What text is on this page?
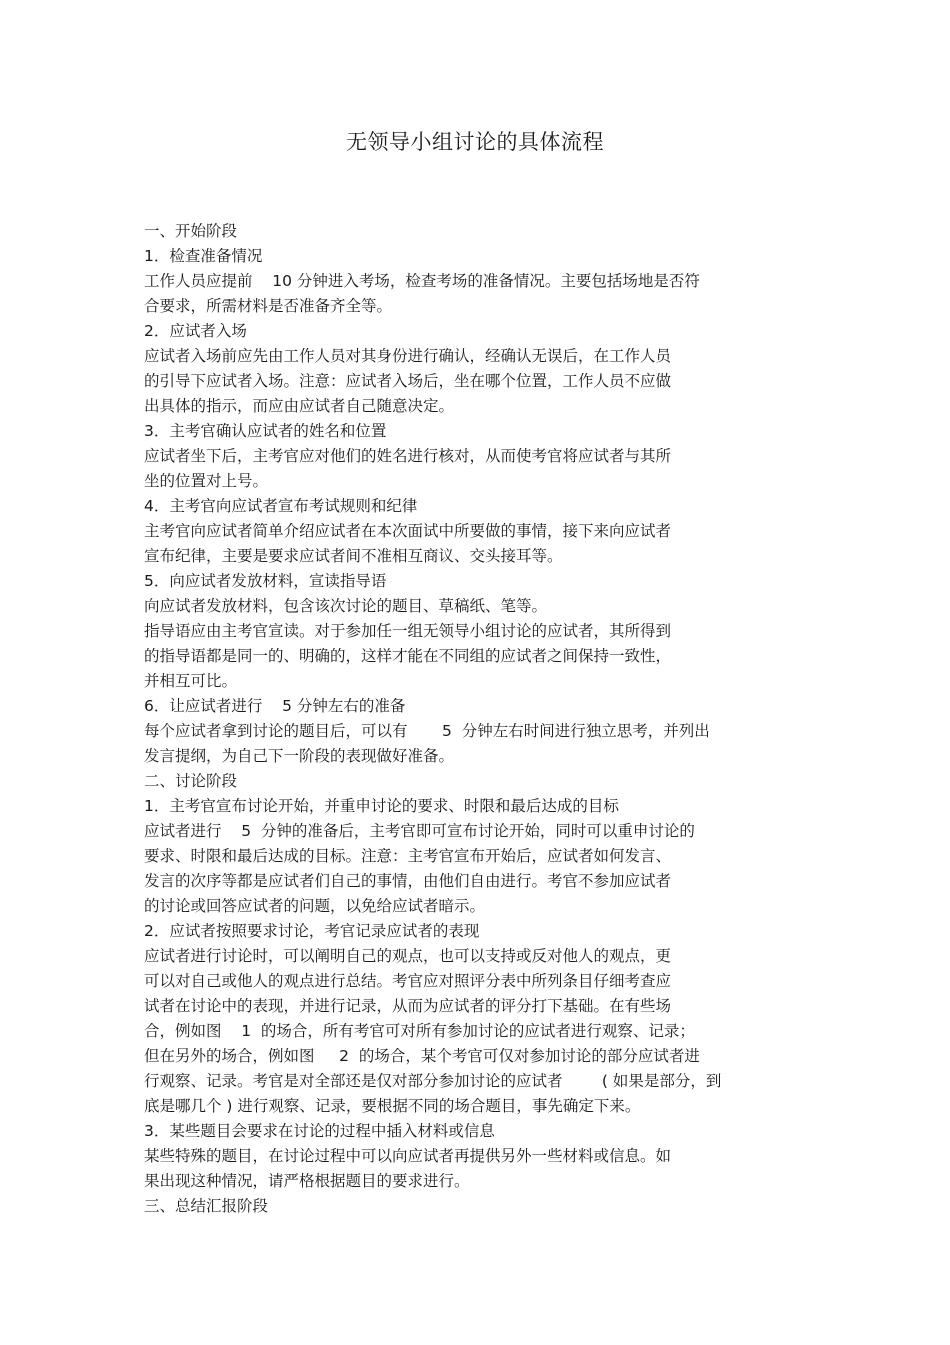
无领导小组讨论的具体流程
一、开始阶段
1．检查准备情况
工作人员应提前    10 分钟进入考场，检查考场的准备情况。主要包括场地是否符
合要求，所需材料是否准备齐全等。
2．应试者入场
应试者入场前应先由工作人员对其身份进行确认，经确认无误后，在工作人员
的引导下应试者入场。注意：应试者入场后，坐在哪个位置，工作人员不应做
出具体的指示，而应由应试者自己随意决定。
3．主考官确认应试者的姓名和位置
应试者坐下后，主考官应对他们的姓名进行核对，从而使考官将应试者与其所
坐的位置对上号。
4．主考官向应试者宣布考试规则和纪律
主考官向应试者简单介绍应试者在本次面试中所要做的事情，接下来向应试者
宣布纪律，主要是要求应试者间不准相互商议、交头接耳等。
5．向应试者发放材料，宣读指导语
向应试者发放材料，包含该次讨论的题目、草稿纸、笔等。
指导语应由主考官宣读。对于参加任一组无领导小组讨论的应试者，其所得到
的指导语都是同一的、明确的，这样才能在不同组的应试者之间保持一致性，
并相互可比。
6．让应试者进行    5 分钟左右的准备
每个应试者拿到讨论的题目后，可以有       5  分钟左右时间进行独立思考，并列出
发言提纲，为自己下一阶段的表现做好准备。
二、讨论阶段
1．主考官宣布讨论开始，并重申讨论的要求、时限和最后达成的目标
应试者进行    5  分钟的准备后，主考官即可宣布讨论开始，同时可以重申讨论的
要求、时限和最后达成的目标。注意：主考官宣布开始后，应试者如何发言、
发言的次序等都是应试者们自己的事情，由他们自由进行。考官不参加应试者
的讨论或回答应试者的问题，以免给应试者暗示。
2．应试者按照要求讨论，考官记录应试者的表现
应试者进行讨论时，可以阐明自己的观点，也可以支持或反对他人的观点，更
可以对自己或他人的观点进行总结。考官应对照评分表中所列条目仔细考查应
试者在讨论中的表现，并进行记录，从而为应试者的评分打下基础。在有些场
合，例如图    1  的场合，所有考官可对所有参加讨论的应试者进行观察、记录；
但在另外的场合，例如图     2  的场合，某个考官可仅对参加讨论的部分应试者进
行观察、记录。考官是对全部还是仅对部分参加讨论的应试者        ( 如果是部分，到
底是哪几个 ) 进行观察、记录，要根据不同的场合题目，事先确定下来。
3．某些题目会要求在讨论的过程中插入材料或信息
某些特殊的题目，在讨论过程中可以向应试者再提供另外一些材料或信息。如
果出现这种情况，请严格根据题目的要求进行。
三、总结汇报阶段
